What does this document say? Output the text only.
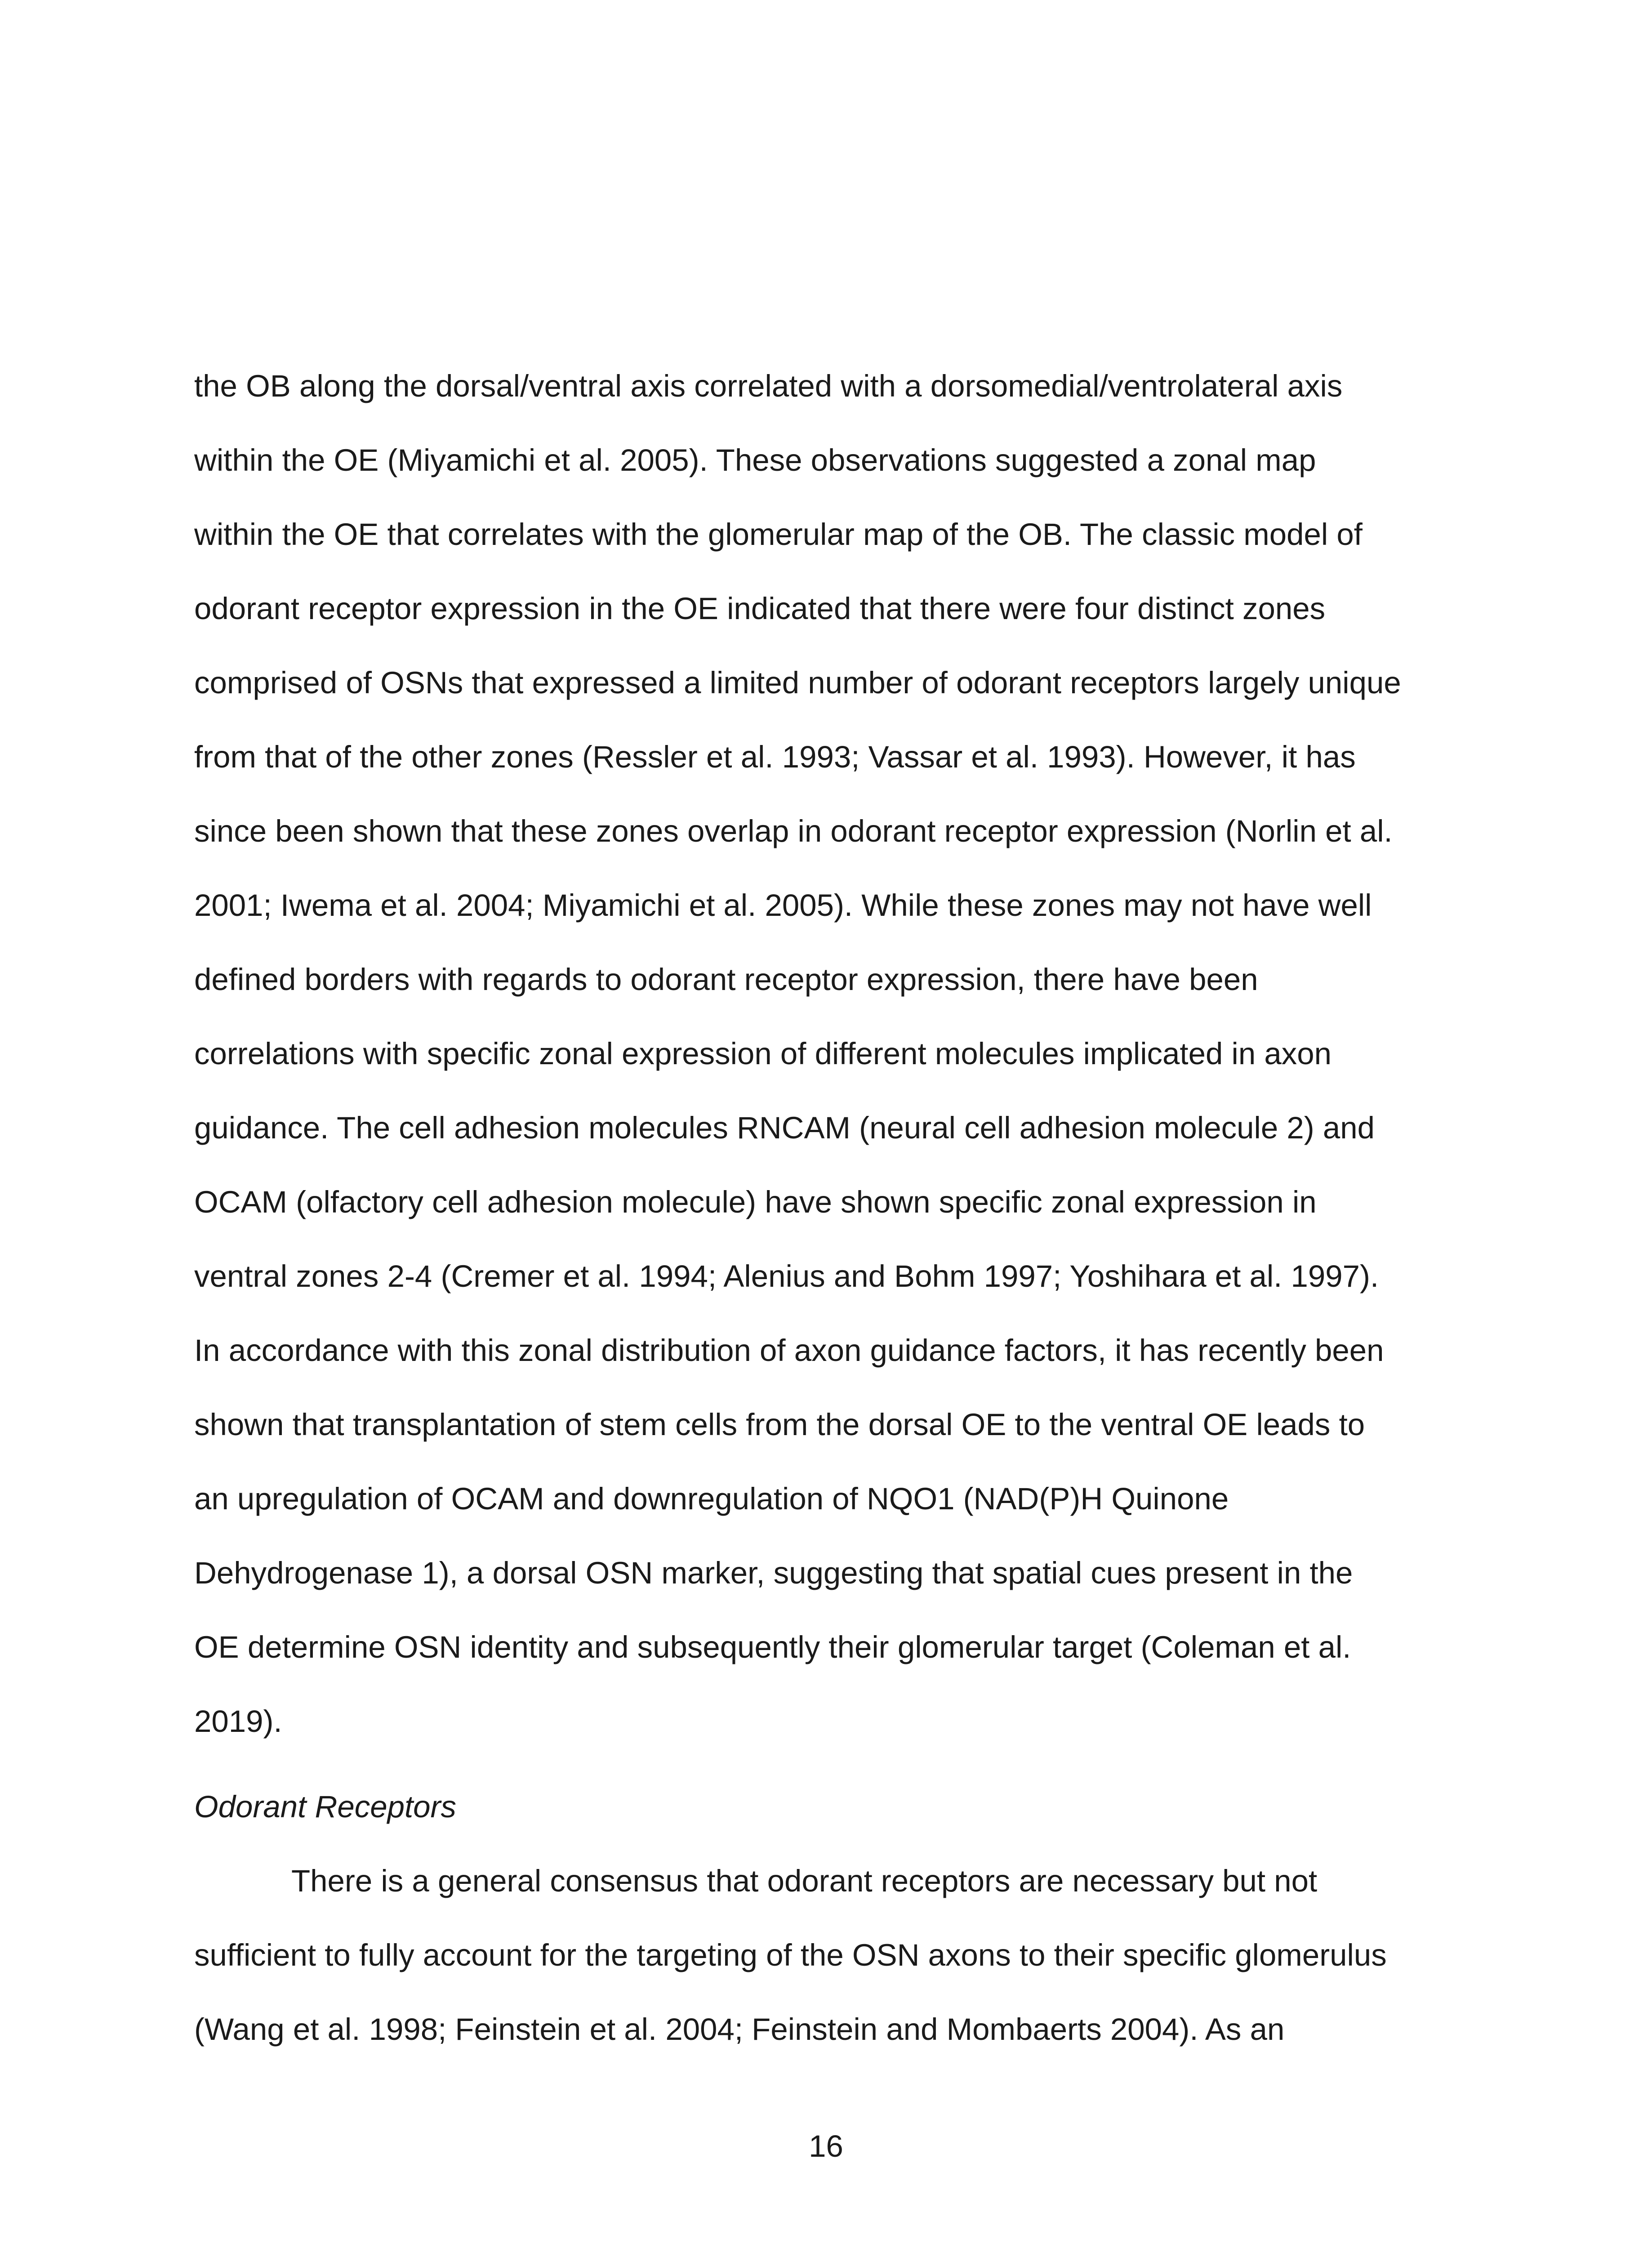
the OB along the dorsal/ventral axis correlated with a dorsomedial/ventrolateral axis

within the OE (Miyamichi et al. 2005). These observations suggested a zonal map

within the OE that correlates with the glomerular map of the OB. The classic model of

odorant receptor expression in the OE indicated that there were four distinct zones

comprised of OSNs that expressed a limited number of odorant receptors largely unique

from that of the other zones (Ressler et al. 1993; Vassar et al. 1993). However, it has

since been shown that these zones overlap in odorant receptor expression (Norlin et al.

2001; Iwema et al. 2004; Miyamichi et al. 2005). While these zones may not have well

defined borders with regards to odorant receptor expression, there have been

correlations with specific zonal expression of different molecules implicated in axon

guidance. The cell adhesion molecules RNCAM (neural cell adhesion molecule 2) and

OCAM (olfactory cell adhesion molecule) have shown specific zonal expression in

ventral zones 2-4 (Cremer et al. 1994; Alenius and Bohm 1997; Yoshihara et al. 1997).

In accordance with this zonal distribution of axon guidance factors, it has recently been

shown that transplantation of stem cells from the dorsal OE to the ventral OE leads to

an upregulation of OCAM and downregulation of NQO1 (NAD(P)H Quinone

Dehydrogenase 1), a dorsal OSN marker, suggesting that spatial cues present in the

OE determine OSN identity and subsequently their glomerular target (Coleman et al.

2019).

Odorant Receptors

There is a general consensus that odorant receptors are necessary but not

sufficient to fully account for the targeting of the OSN axons to their specific glomerulus

(Wang et al. 1998; Feinstein et al. 2004; Feinstein and Mombaerts 2004). As an

16
